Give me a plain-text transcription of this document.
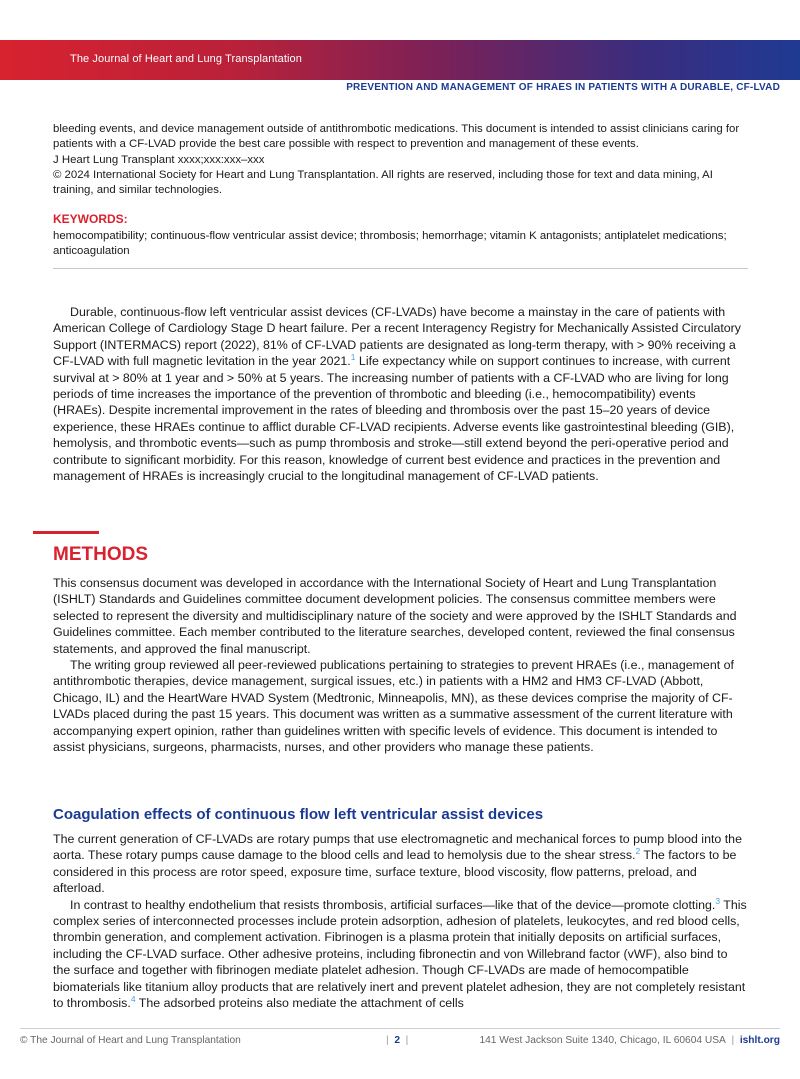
The Journal of Heart and Lung Transplantation
PREVENTION AND MANAGEMENT OF HRAES IN PATIENTS WITH A DURABLE, CF-LVAD

bleeding events, and device management outside of antithrombotic medications. This document is intended to assist clinicians caring for patients with a CF-LVAD provide the best care possible with respect to prevention and management of these events.

J Heart Lung Transplant xxxx;xxx:xxx–xxx

© 2024 International Society for Heart and Lung Transplantation. All rights are reserved, including those for text and data mining, AI training, and similar technologies.

KEYWORDS:
hemocompatibility; continuous-flow ventricular assist device; thrombosis; hemorrhage; vitamin K antagonists; antiplatelet medications; anticoagulation
Durable, continuous-flow left ventricular assist devices (CF-LVADs) have become a mainstay in the care of patients with American College of Cardiology Stage D heart failure. Per a recent Interagency Registry for Mechanically Assisted Circulatory Support (INTERMACS) report (2022), 81% of CF-LVAD patients are designated as long-term therapy, with > 90% receiving a CF-LVAD with full magnetic levitation in the year 2021.$^1$ Life expectancy while on support continues to increase, with current survival at > 80% at 1 year and > 50% at 5 years. The increasing number of patients with a CF-LVAD who are living for long periods of time increases the importance of the prevention of thrombotic and bleeding (i.e., hemocompatibility) events (HRAEs). Despite incremental improvement in the rates of bleeding and thrombosis over the past 15–20 years of device experience, these HRAEs continue to afflict durable CF-LVAD recipients. Adverse events like gastrointestinal bleeding (GIB), hemolysis, and thrombotic events—such as pump thrombosis and stroke—still extend beyond the peri-operative period and contribute to significant morbidity. For this reason, knowledge of current best evidence and practices in the prevention and management of HRAEs is increasingly crucial to the longitudinal management of CF-LVAD patients.
METHODS

This consensus document was developed in accordance with the International Society of Heart and Lung Transplantation (ISHLT) Standards and Guidelines committee document development policies. The consensus committee members were selected to represent the diversity and multidisciplinary nature of the society and were approved by the ISHLT Standards and Guidelines committee. Each member contributed to the literature searches, developed content, reviewed the final consensus statements, and approved the final manuscript.

The writing group reviewed all peer-reviewed publications pertaining to strategies to prevent HRAEs (i.e., management of antithrombotic therapies, device management, surgical issues, etc.) in patients with a HM2 and HM3 CF-LVAD (Abbott, Chicago, IL) and the HeartWare HVAD System (Medtronic, Minneapolis, MN), as these devices comprise the majority of CF-LVADs placed during the past 15 years. This document was written as a summative assessment of the current literature with accompanying expert opinion, rather than guidelines written with specific levels of evidence. This document is intended to assist physicians, surgeons, pharmacists, nurses, and other providers who manage these patients.

Coagulation effects of continuous flow left ventricular assist devices

The current generation of CF-LVADs are rotary pumps that use electromagnetic and mechanical forces to pump blood into the aorta. These rotary pumps cause damage to the blood cells and lead to hemolysis due to the shear stress.$^2$ The factors to be considered in this process are rotor speed, exposure time, surface texture, blood viscosity, flow patterns, preload, and afterload.

In contrast to healthy endothelium that resists thrombosis, artificial surfaces—like that of the device—promote clotting.$^3$ This complex series of interconnected processes include protein adsorption, adhesion of platelets, leukocytes, and red blood cells, thrombin generation, and complement activation. Fibrinogen is a plasma protein that initially deposits on artificial surfaces, including the CF-LVAD surface. Other adhesive proteins, including fibronectin and von Willebrand factor (vWF), also bind to the surface and together with fibrinogen mediate platelet adhesion. Though CF-LVADs are made of hemocompatible biomaterials like titanium alloy products that are relatively inert and prevent platelet adhesion, they are not completely resistant to thrombosis.$^4$ The adsorbed proteins also mediate the attachment of cells

© The Journal of Heart and Lung Transplantation	| 2 |	141 West Jackson Suite 1340, Chicago, IL 60604 USA | ishlt.org
